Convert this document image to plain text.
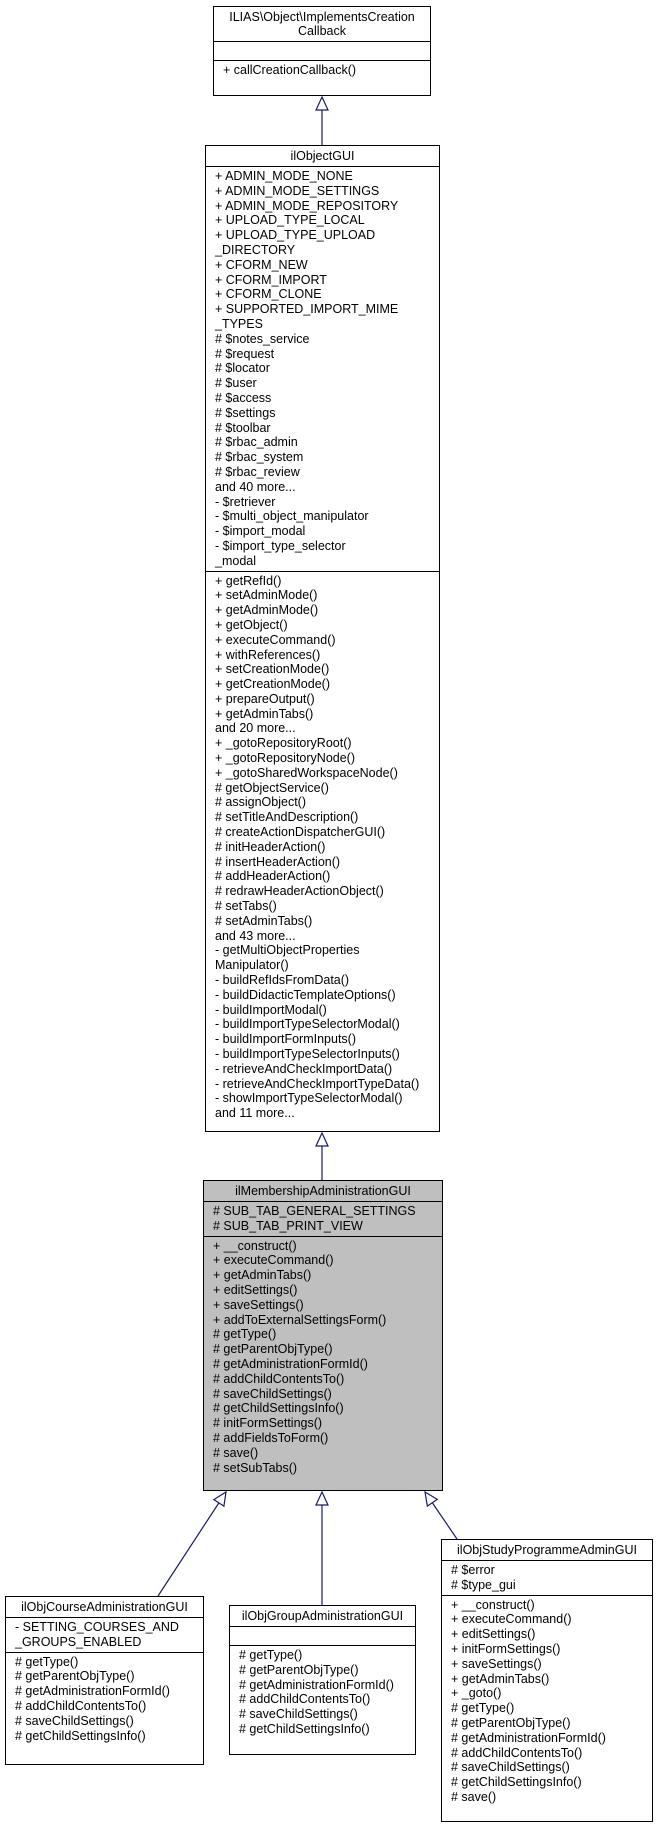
ILIAS\Object\ImplementsCreation
Callback
+ callCreationCallback()
ilObjectGUI
+ ADMIN_MODE_NONE
+ ADMIN_MODE_SETTINGS
+ ADMIN_MODE_REPOSITORY
+ UPLOAD_TYPE_LOCAL
+ UPLOAD_TYPE_UPLOAD
_DIRECTORY
+ CFORM_NEW
+ CFORM_IMPORT
+ CFORM_CLONE
+ SUPPORTED_IMPORT_MIME
_TYPES
# $notes_service
# $request
# $locator
# $user
# $access
# $settings
# $toolbar
# $rbac_admin
# $rbac_system
# $rbac_review
and 40 more...
- $retriever
- $multi_object_manipulator
- $import_modal
- $import_type_selector
_modal
+ getRefId()
+ setAdminMode()
+ getAdminMode()
+ getObject()
+ executeCommand()
+ withReferences()
+ setCreationMode()
+ getCreationMode()
+ prepareOutput()
+ getAdminTabs()
and 20 more...
+ _gotoRepositoryRoot()
+ _gotoRepositoryNode()
+ _gotoSharedWorkspaceNode()
# getObjectService()
# assignObject()
# setTitleAndDescription()
# createActionDispatcherGUI()
# initHeaderAction()
# insertHeaderAction()
# addHeaderAction()
# redrawHeaderActionObject()
# setTabs()
# setAdminTabs()
and 43 more...
- getMultiObjectProperties
Manipulator()
- buildRefIdsFromData()
- buildDidacticTemplateOptions()
- buildImportModal()
- buildImportTypeSelectorModal()
- buildImportFormInputs()
- buildImportTypeSelectorInputs()
- retrieveAndCheckImportData()
- retrieveAndCheckImportTypeData()
- showImportTypeSelectorModal()
and 11 more...
ilMembershipAdministrationGUI
# SUB_TAB_GENERAL_SETTINGS
# SUB_TAB_PRINT_VIEW
+ __construct()
+ executeCommand()
+ getAdminTabs()
+ editSettings()
+ saveSettings()
+ addToExternalSettingsForm()
# getType()
# getParentObjType()
# getAdministrationFormId()
# addChildContentsTo()
# saveChildSettings()
# getChildSettingsInfo()
# initFormSettings()
# addFieldsToForm()
# save()
# setSubTabs()
ilObjCourseAdministrationGUI
- SETTING_COURSES_AND
_GROUPS_ENABLED
# getType()
# getParentObjType()
# getAdministrationFormId()
# addChildContentsTo()
# saveChildSettings()
# getChildSettingsInfo()
ilObjGroupAdministrationGUI
# getType()
# getParentObjType()
# getAdministrationFormId()
# addChildContentsTo()
# saveChildSettings()
# getChildSettingsInfo()
ilObjStudyProgrammeAdminGUI
# $error
# $type_gui
+ __construct()
+ executeCommand()
+ editSettings()
+ initFormSettings()
+ saveSettings()
+ getAdminTabs()
+ _goto()
# getType()
# getParentObjType()
# getAdministrationFormId()
# addChildContentsTo()
# saveChildSettings()
# getChildSettingsInfo()
# save()
